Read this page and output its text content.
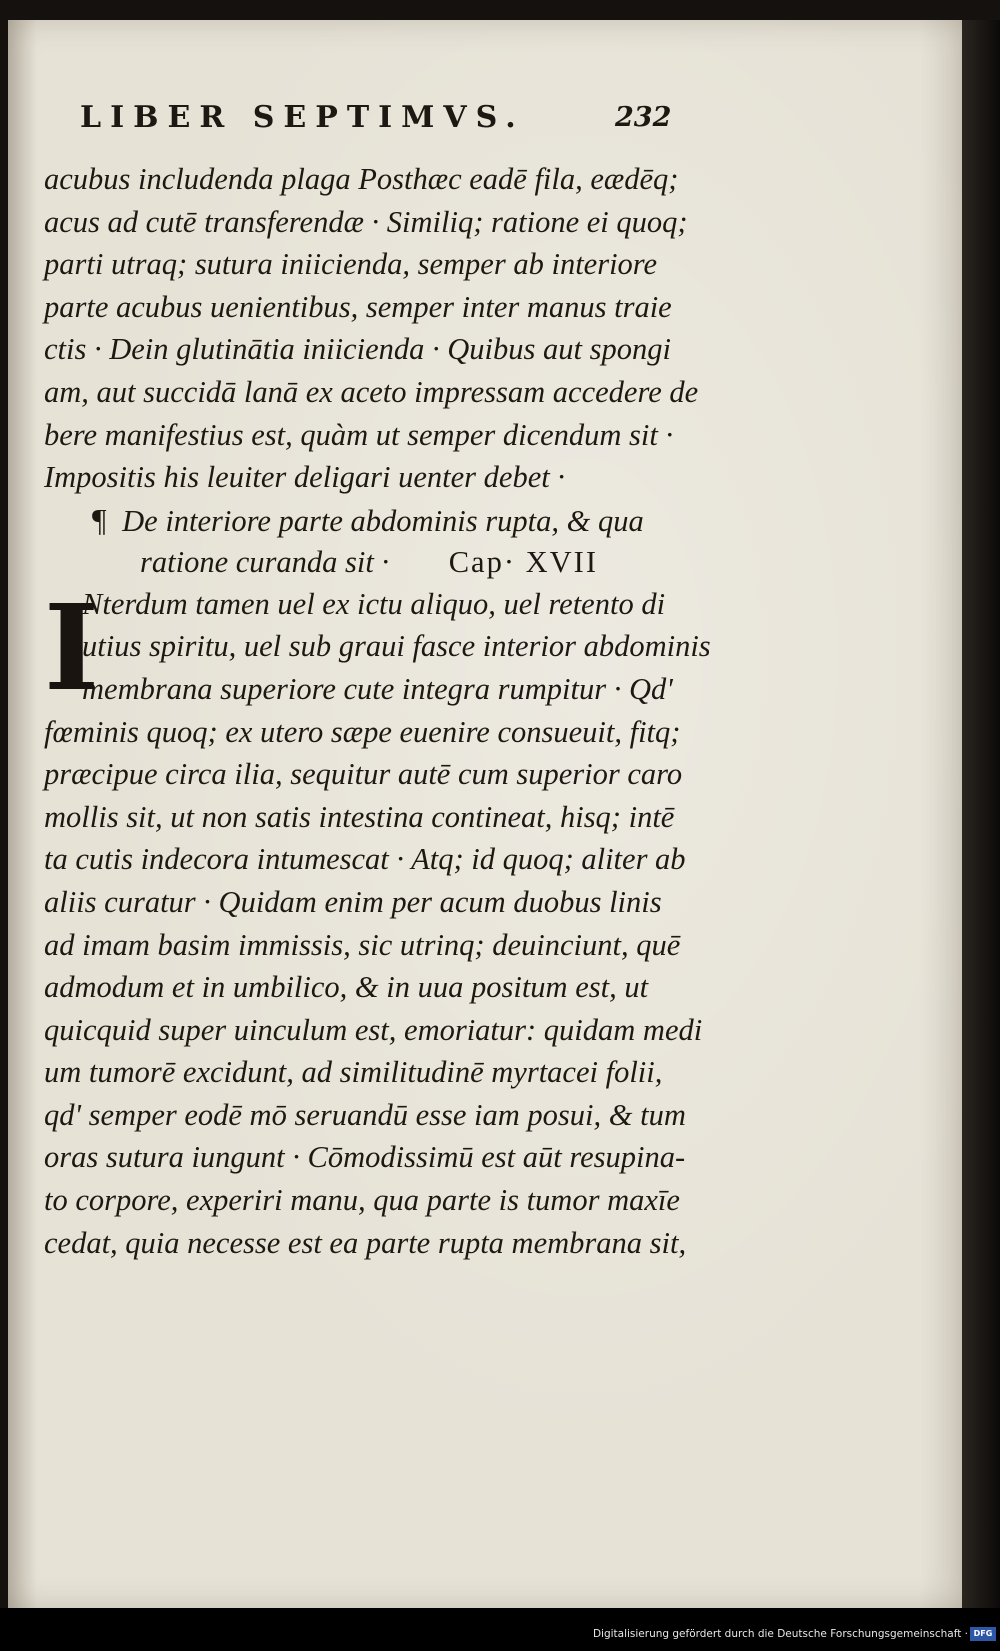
LIBER SEPTIMVS.	232
acubus includenda plaga Posthæc eadē fila, eædēq;
acus ad cutē transferendæ · Similiq; ratione ei quoq;
parti utraq; sutura iniicienda, semper ab interiore
parte acubus uenientibus, semper inter manus traie
ctis · Dein glutinātia iniicienda · Quibus aut spongi
am, aut succidā lanā ex aceto impressam accedere de
bere manifestius est, quàm ut semper dicendum sit ·
Impositis his leuiter deligari uenter debet ·
¶ De interiore parte abdominis rupta, & qua
ratione curanda sit · Cap· XVII
I
Nterdum tamen uel ex ictu aliquo, uel retento di
utius spiritu, uel sub graui fasce interior abdominis
membrana superiore cute integra rumpitur · Qd'
fœminis quoq; ex utero sæpe euenire consueuit, fitq;
præcipue circa ilia, sequitur autē cum superior caro
mollis sit, ut non satis intestina contineat, hisq; intē
ta cutis indecora intumescat · Atq; id quoq; aliter ab
aliis curatur · Quidam enim per acum duobus linis
ad imam basim immissis, sic utrinq; deuinciunt, quē
admodum et in umbilico, & in uua positum est, ut
quicquid super uinculum est, emoriatur: quidam medi
um tumorē excidunt, ad similitudinē myrtacei folii,
qd' semper eodē mō seruandū esse iam posui, & tum
oras sutura iungunt · Cōmodissimū est aūt resupina-
to corpore, experiri manu, qua parte is tumor maxīe
cedat, quia necesse est ea parte rupta membrana sit,
Digitalisierung gefördert durch die Deutsche Forschungsgemeinschaft · DFG
